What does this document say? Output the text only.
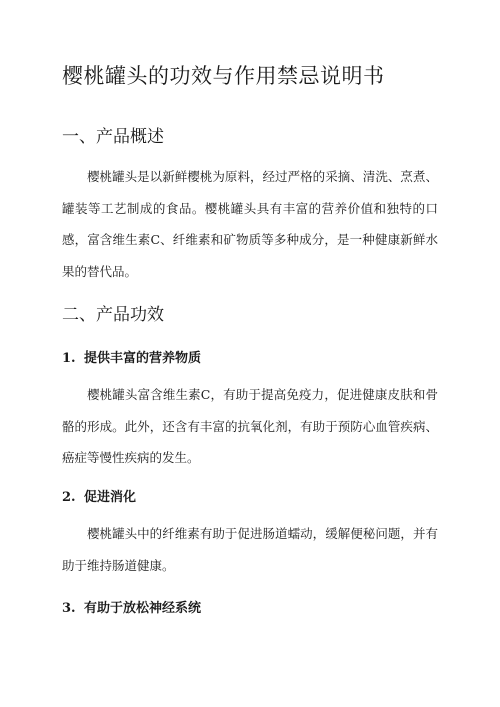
樱桃罐头的功效与作用禁忌说明书
一、产品概述

樱桃罐头是以新鲜樱桃为原料，经过严格的采摘、清洗、烹煮、罐装等工艺制成的食品。樱桃罐头具有丰富的营养价值和独特的口感，富含维生素C、纤维素和矿物质等多种成分，是一种健康新鲜水果的替代品。

二、产品功效
1. 提供丰富的营养物质

樱桃罐头富含维生素C，有助于提高免疫力，促进健康皮肤和骨骼的形成。此外，还含有丰富的抗氧化剂，有助于预防心血管疾病、癌症等慢性疾病的发生。

2. 促进消化

樱桃罐头中的纤维素有助于促进肠道蠕动，缓解便秘问题，并有助于维持肠道健康。

3. 有助于放松神经系统
